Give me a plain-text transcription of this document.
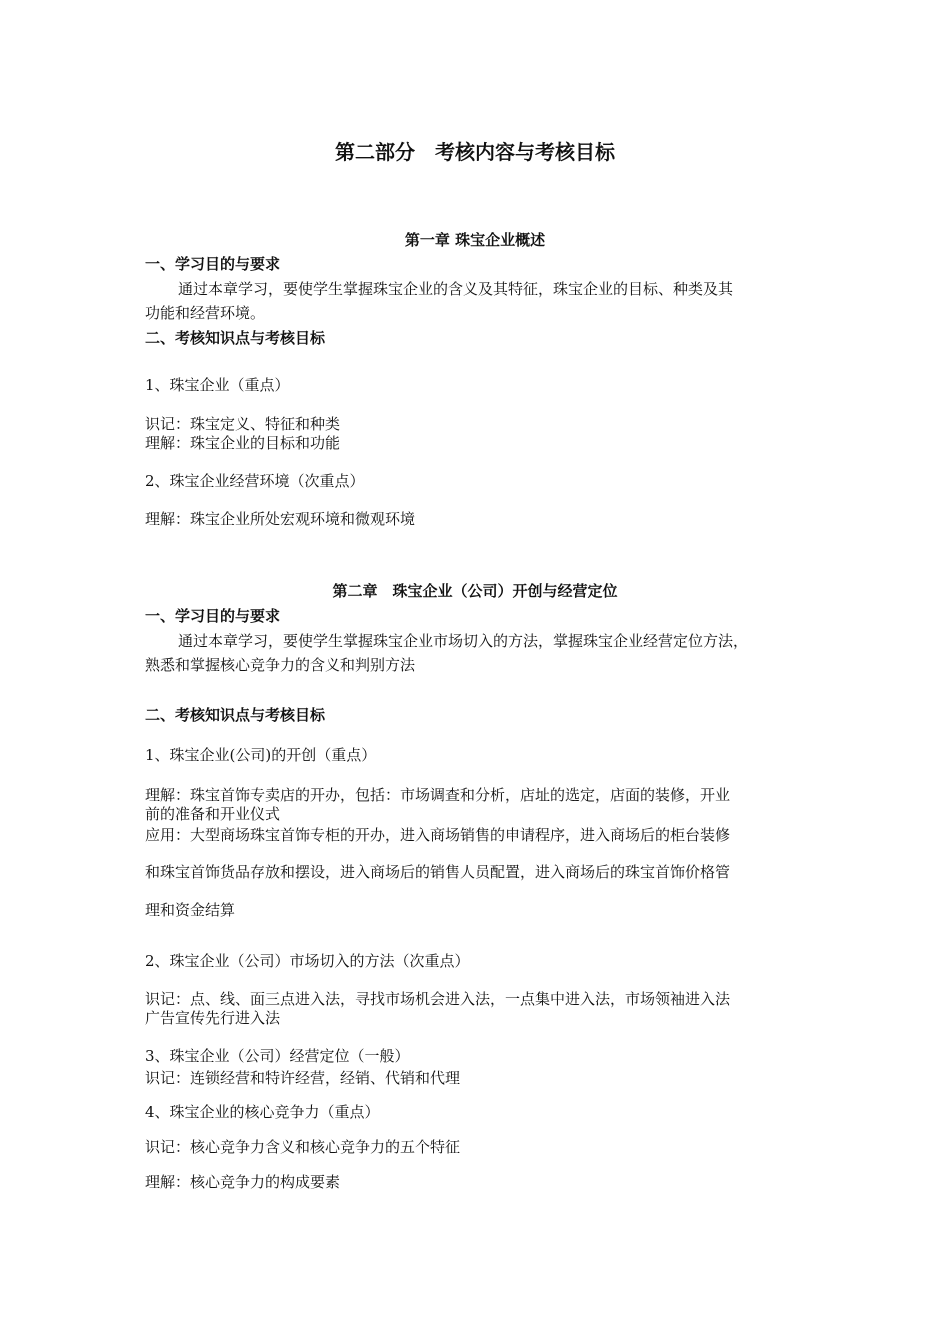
第二部分　考核内容与考核目标
第一章 珠宝企业概述
一、学习目的与要求
通过本章学习，要使学生掌握珠宝企业的含义及其特征，珠宝企业的目标、种类及其
功能和经营环境。
二、考核知识点与考核目标
1、珠宝企业（重点）
识记：珠宝定义、特征和种类
理解：珠宝企业的目标和功能
2、珠宝企业经营环境（次重点）
理解：珠宝企业所处宏观环境和微观环境
第二章　珠宝企业（公司）开创与经营定位
一、学习目的与要求
通过本章学习，要使学生掌握珠宝企业市场切入的方法，掌握珠宝企业经营定位方法，
熟悉和掌握核心竞争力的含义和判别方法
二、考核知识点与考核目标
1、珠宝企业(公司)的开创（重点）
理解：珠宝首饰专卖店的开办，包括：市场调查和分析，店址的选定，店面的装修，开业
前的准备和开业仪式
应用：大型商场珠宝首饰专柜的开办，进入商场销售的申请程序，进入商场后的柜台装修
和珠宝首饰货品存放和摆设，进入商场后的销售人员配置，进入商场后的珠宝首饰价格管
理和资金结算
2、珠宝企业（公司）市场切入的方法（次重点）
识记：点、线、面三点进入法，寻找市场机会进入法，一点集中进入法，市场领袖进入法
广告宣传先行进入法
3、珠宝企业（公司）经营定位（一般）
识记：连锁经营和特许经营，经销、代销和代理
4、珠宝企业的核心竞争力（重点）
识记：核心竞争力含义和核心竞争力的五个特征
理解：核心竞争力的构成要素
